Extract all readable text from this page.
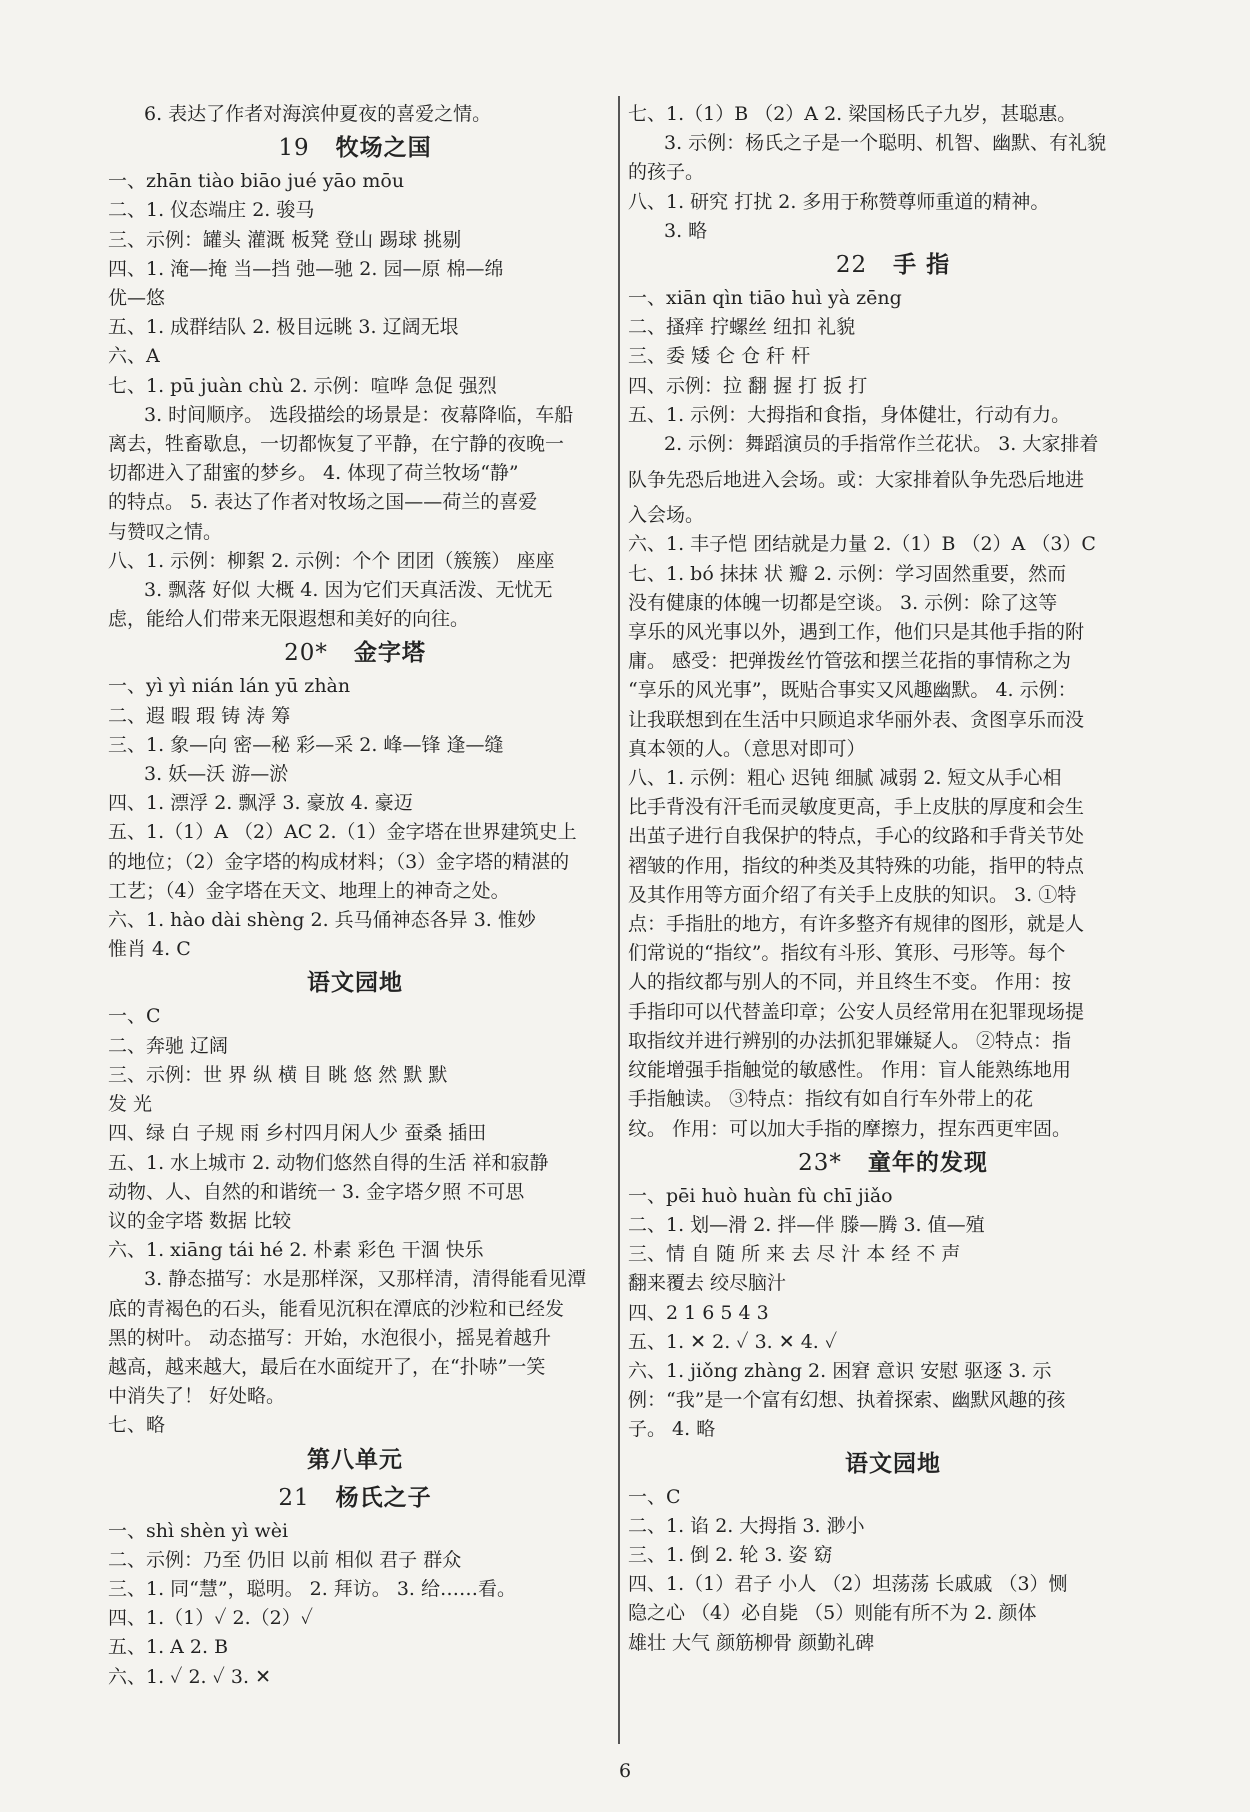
6. 表达了作者对海滨仲夏夜的喜爱之情。

19 牧场之国

一、zhān tiào biāo jué yāo mōu

二、1. 仪态端庄 2. 骏马

三、示例：罐头 灌溉 板凳 登山 踢球 挑剔

四、1. 淹—掩 当—挡 弛—驰 2. 园—原 棉—绵

优—悠

五、1. 成群结队 2. 极目远眺 3. 辽阔无垠

六、A

七、1. pū juàn chù 2. 示例：喧哗 急促 强烈

3. 时间顺序。 选段描绘的场景是：夜幕降临，车船

离去，牲畜歇息，一切都恢复了平静，在宁静的夜晚一

切都进入了甜蜜的梦乡。 4. 体现了荷兰牧场“静”

的特点。 5. 表达了作者对牧场之国——荷兰的喜爱

与赞叹之情。

八、1. 示例：柳絮 2. 示例：个个 团团（簇簇） 座座

3. 飘落 好似 大概 4. 因为它们天真活泼、无忧无

虑，能给人们带来无限遐想和美好的向往。

20* 金字塔

一、yì yì nián lán yū zhàn

二、遐 暇 瑕 铸 涛 筹

三、1. 象—向 密—秘 彩—采 2. 峰—锋 逢—缝

3. 妖—沃 游—淤

四、1. 漂浮 2. 飘浮 3. 豪放 4. 豪迈

五、1.（1）A （2）AC 2.（1）金字塔在世界建筑史上

的地位；（2）金字塔的构成材料；（3）金字塔的精湛的

工艺；（4）金字塔在天文、地理上的神奇之处。

六、1. hào dài shèng 2. 兵马俑神态各异 3. 惟妙

惟肖 4. C

语文园地

一、C

二、奔驰 辽阔

三、示例：世 界 纵 横 目 眺 悠 然 默 默

发 光

四、绿 白 子规 雨 乡村四月闲人少 蚕桑 插田

五、1. 水上城市 2. 动物们悠然自得的生活 祥和寂静

动物、人、自然的和谐统一 3. 金字塔夕照 不可思

议的金字塔 数据 比较

六、1. xiāng tái hé 2. 朴素 彩色 干涸 快乐

3. 静态描写：水是那样深，又那样清，清得能看见潭

底的青褐色的石头，能看见沉积在潭底的沙粒和已经发

黑的树叶。 动态描写：开始，水泡很小，摇晃着越升

越高，越来越大，最后在水面绽开了，在“扑哧”一笑

中消失了！ 好处略。

七、略

第八单元
21 杨氏之子

一、shì shèn yì wèi

二、示例：乃至 仍旧 以前 相似 君子 群众

三、1. 同“慧”，聪明。 2. 拜访。 3. 给……看。

四、1.（1）✓ 2.（2）✓

五、1. A 2. B

六、1. ✓ 2. ✓ 3. ✕

七、1.（1）B （2）A 2. 梁国杨氏子九岁，甚聪惠。

3. 示例：杨氏之子是一个聪明、机智、幽默、有礼貌

的孩子。

八、1. 研究 打扰 2. 多用于称赞尊师重道的精神。

3. 略

22 手 指

一、xiān qìn tiāo huì yà zēng

二、搔痒 拧螺丝 纽扣 礼貌

三、委 矮 仑 仓 秆 杆

四、示例：拉 翻 握 打 扳 打

五、1. 示例：大拇指和食指，身体健壮，行动有力。

2. 示例：舞蹈演员的手指常作兰花状。 3. 大家排着

队争先恐后地进入会场。或：大家排着队争先恐后地进

入会场。

六、1. 丰子恺 团结就是力量 2.（1）B （2）A （3）C

七、1. bó 抹抹 状 瓣 2. 示例：学习固然重要，然而

没有健康的体魄一切都是空谈。 3. 示例：除了这等

享乐的风光事以外，遇到工作，他们只是其他手指的附

庸。 感受：把弹拨丝竹管弦和摆兰花指的事情称之为

“享乐的风光事”，既贴合事实又风趣幽默。 4. 示例：

让我联想到在生活中只顾追求华丽外表、贪图享乐而没

真本领的人。（意思对即可）

八、1. 示例：粗心 迟钝 细腻 减弱 2. 短文从手心相

比手背没有汗毛而灵敏度更高，手上皮肤的厚度和会生

出茧子进行自我保护的特点，手心的纹路和手背关节处

褶皱的作用，指纹的种类及其特殊的功能，指甲的特点

及其作用等方面介绍了有关手上皮肤的知识。 3. ①特

点：手指肚的地方，有许多整齐有规律的图形，就是人

们常说的“指纹”。指纹有斗形、箕形、弓形等。每个

人的指纹都与别人的不同，并且终生不变。 作用：按

手指印可以代替盖印章；公安人员经常用在犯罪现场提

取指纹并进行辨别的办法抓犯罪嫌疑人。 ②特点：指

纹能增强手指触觉的敏感性。 作用：盲人能熟练地用

手指触读。 ③特点：指纹有如自行车外带上的花

纹。 作用：可以加大手指的摩擦力，捏东西更牢固。

23* 童年的发现

一、pēi huò huàn fù chī jiǎo

二、1. 划—滑 2. 拌—伴 滕—腾 3. 值—殖

三、情 自 随 所 来 去 尽 汁 本 经 不 声

翻来覆去 绞尽脑汁

四、2 1 6 5 4 3

五、1. ✕ 2. ✓ 3. ✕ 4. ✓

六、1. jiǒng zhàng 2. 困窘 意识 安慰 驱逐 3. 示

例：“我”是一个富有幻想、执着探索、幽默风趣的孩

子。 4. 略

语文园地

一、C

二、1. 谄 2. 大拇指 3. 渺小

三、1. 倒 2. 轮 3. 姿 窈

四、1.（1）君子 小人 （2）坦荡荡 长戚戚 （3）恻

隐之心 （4）必自毙 （5）则能有所不为 2. 颜体

雄壮 大气 颜筋柳骨 颜勤礼碑

6
